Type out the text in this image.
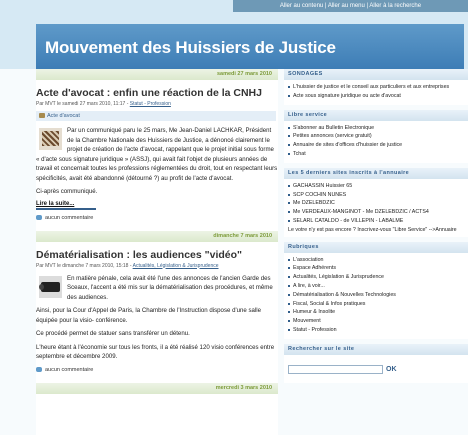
Aller au contenu | Aller au menu | Aller à la recherche
Mouvement des Huissiers de Justice
samedi 27 mars 2010
Acte d'avocat : enfin une réaction de la CNHJ
Par MVT le samedi 27 mars 2010, 11:17 - Statut - Profession
Acte d'avocat

Par un communiqué paru le 25 mars, Me Jean-Daniel LACHKAR, Président de la Chambre Nationale des Huissiers de Justice, a dénoncé clairement le projet de création de l'acte d'avocat, rappelant que le projet initial sous forme « d'acte sous signature juridique » (ASSJ), qui avait fait l'objet de plusieurs années de travail et concernait toutes les professions réglementées du droit, tout en respectant leurs spécificités, avait été abandonné (détourné ?) au profit de l'acte d'avocat.

Ci-après communiqué.

Lire la suite...
aucun commentaire
dimanche 7 mars 2010
Dématérialisation : les audiences "vidéo"
Par MVT le dimanche 7 mars 2010, 15:18 - Actualités, Législation & Jurisprudence

En matière pénale, cela avait été l'une des annonces de l'ancien Garde des Sceaux, l'accent a été mis sur la dématérialisation des procédures, et même des audiences.

Ainsi, pour la Cour d'Appel de Paris, la Chambre de l'Instruction dispose d'une salle équipée pour la visio- conférence.

Ce procédé permet de statuer sans transférer un détenu.

L'heure étant à l'économie sur tous les fronts, il a été réalisé 120 visio conférences entre septembre et décembre 2009.

aucun commentaire
mercredi 3 mars 2010
SONDAGES
L'huissier de justice et le conseil aux particuliers et aux entreprises
Acte sous signature juridique ou acte d'avocat
Libre service
S'abonner au Bulletin Electronique
Petites annonces (service gratuit)
Annuaire de sites d'offices d'huissier de justice
Tchat
Les 5 derniers sites inscrits à l'annuaire
GACHASSIN Huissier 65
SCP COCHIN NUNES
Me DZELEBDZIC
Me VERDEAUX-MANGINOT - Me DZELEBDZIC / ACTS4
SELARL CATALDO - de VILLEPIN - LABALME
Le votre n'y est pas encore ? Inscrivez-vous "Libre Service" -->Annuaire
Rubriques
L'association
Espace Adhérents
Actualités, Législation & Jurisprudence
A lire, à voir...
Dématérialisation & Nouvelles Technologies
Fiscal, Social & Infos pratiques
Humeur & Insolite
Mouvement
Statut - Profession
Rechercher sur le site
OK
